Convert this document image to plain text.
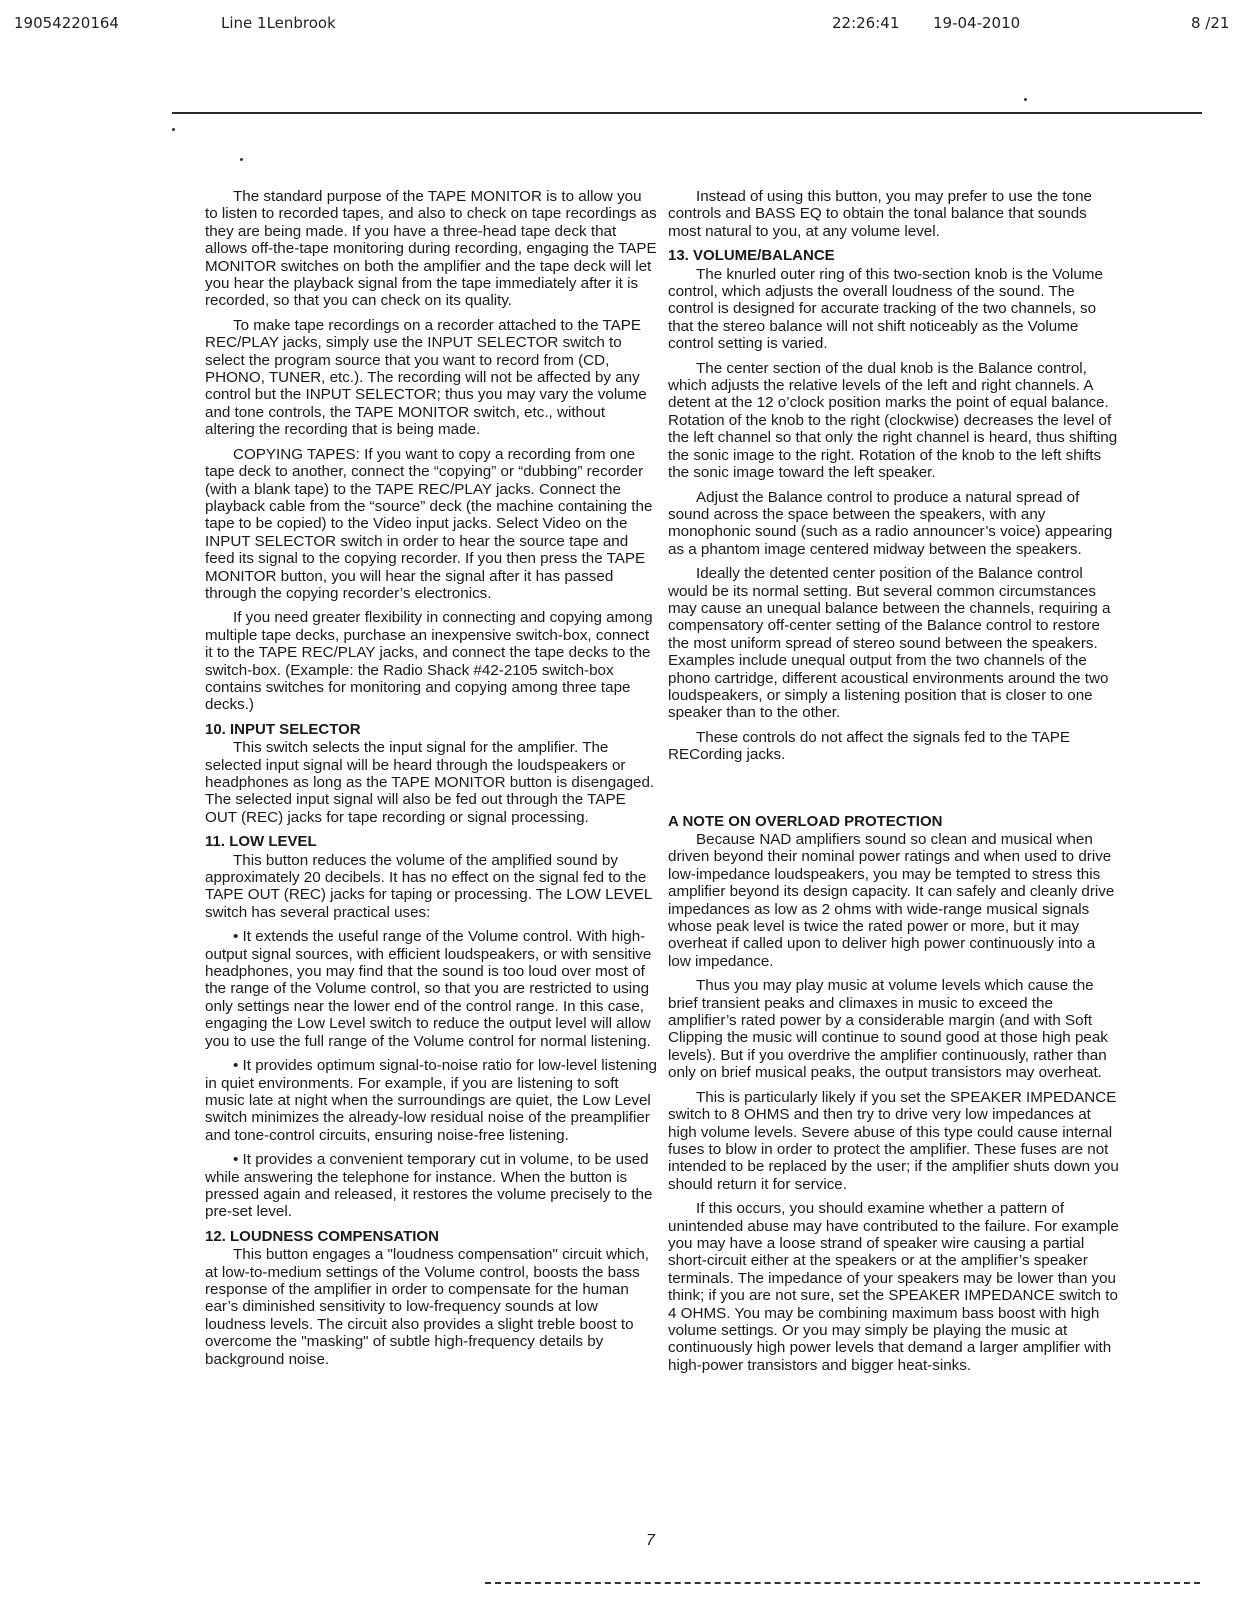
19054220164	Line 1Lenbrook	22:26:41 19-04-2010	8 /21

The standard purpose of the TAPE MONITOR is to allow you to listen to recorded tapes, and also to check on tape recordings as they are being made. If you have a three-head tape deck that allows off-the-tape monitoring during recording, engaging the TAPE MONITOR switches on both the amplifier and the tape deck will let you hear the playback signal from the tape immediately after it is recorded, so that you can check on its quality.

To make tape recordings on a recorder attached to the TAPE REC/PLAY jacks, simply use the INPUT SELECTOR switch to select the program source that you want to record from (CD, PHONO, TUNER, etc.). The recording will not be affected by any control but the INPUT SELECTOR; thus you may vary the volume and tone controls, the TAPE MONITOR switch, etc., without altering the recording that is being made.

COPYING TAPES: If you want to copy a recording from one tape deck to another, connect the “copying” or “dubbing” recorder (with a blank tape) to the TAPE REC/PLAY jacks. Connect the playback cable from the “source” deck (the machine containing the tape to be copied) to the Video input jacks. Select Video on the INPUT SELECTOR switch in order to hear the source tape and feed its signal to the copying recorder. If you then press the TAPE MONITOR button, you will hear the signal after it has passed through the copying recorder’s electronics.

If you need greater flexibility in connecting and copying among multiple tape decks, purchase an inexpensive switch-box, connect it to the TAPE REC/PLAY jacks, and connect the tape decks to the switch-box. (Example: the Radio Shack #42-2105 switch-box contains switches for monitoring and copying among three tape decks.)

10. INPUT SELECTOR

This switch selects the input signal for the amplifier. The selected input signal will be heard through the loudspeakers or headphones as long as the TAPE MONITOR button is disengaged. The selected input signal will also be fed out through the TAPE OUT (REC) jacks for tape recording or signal processing.

11. LOW LEVEL

This button reduces the volume of the amplified sound by approximately 20 decibels. It has no effect on the signal fed to the TAPE OUT (REC) jacks for taping or processing. The LOW LEVEL switch has several practical uses:

• It extends the useful range of the Volume control. With high-output signal sources, with efficient loudspeakers, or with sensitive headphones, you may find that the sound is too loud over most of the range of the Volume control, so that you are restricted to using only settings near the lower end of the control range. In this case, engaging the Low Level switch to reduce the output level will allow you to use the full range of the Volume control for normal listening.

• It provides optimum signal-to-noise ratio for low-level listening in quiet environments. For example, if you are listening to soft music late at night when the surroundings are quiet, the Low Level switch minimizes the already-low residual noise of the preamplifier and tone-control circuits, ensuring noise-free listening.

• It provides a convenient temporary cut in volume, to be used while answering the telephone for instance. When the button is pressed again and released, it restores the volume precisely to the pre-set level.

12. LOUDNESS COMPENSATION

This button engages a "loudness compensation" circuit which, at low-to-medium settings of the Volume control, boosts the bass response of the amplifier in order to compensate for the human ear’s diminished sensitivity to low-frequency sounds at low loudness levels. The circuit also provides a slight treble boost to overcome the "masking" of subtle high-frequency details by background noise.

Instead of using this button, you may prefer to use the tone controls and BASS EQ to obtain the tonal balance that sounds most natural to you, at any volume level.

13. VOLUME/BALANCE

The knurled outer ring of this two-section knob is the Volume control, which adjusts the overall loudness of the sound. The control is designed for accurate tracking of the two channels, so that the stereo balance will not shift noticeably as the Volume control setting is varied.

The center section of the dual knob is the Balance control, which adjusts the relative levels of the left and right channels. A detent at the 12 o’clock position marks the point of equal balance. Rotation of the knob to the right (clockwise) decreases the level of the left channel so that only the right channel is heard, thus shifting the sonic image to the right. Rotation of the knob to the left shifts the sonic image toward the left speaker.

Adjust the Balance control to produce a natural spread of sound across the space between the speakers, with any monophonic sound (such as a radio announcer’s voice) appearing as a phantom image centered midway between the speakers.

Ideally the detented center position of the Balance control would be its normal setting. But several common circumstances may cause an unequal balance between the channels, requiring a compensatory off-center setting of the Balance control to restore the most uniform spread of stereo sound between the speakers. Examples include unequal output from the two channels of the phono cartridge, different acoustical environments around the two loudspeakers, or simply a listening position that is closer to one speaker than to the other.

These controls do not affect the signals fed to the TAPE RECording jacks.

A NOTE ON OVERLOAD PROTECTION

Because NAD amplifiers sound so clean and musical when driven beyond their nominal power ratings and when used to drive low-impedance loudspeakers, you may be tempted to stress this amplifier beyond its design capacity. It can safely and cleanly drive impedances as low as 2 ohms with wide-range musical signals whose peak level is twice the rated power or more, but it may overheat if called upon to deliver high power continuously into a low impedance.

Thus you may play music at volume levels which cause the brief transient peaks and climaxes in music to exceed the amplifier’s rated power by a considerable margin (and with Soft Clipping the music will continue to sound good at those high peak levels). But if you overdrive the amplifier continuously, rather than only on brief musical peaks, the output transistors may overheat.

This is particularly likely if you set the SPEAKER IMPEDANCE switch to 8 OHMS and then try to drive very low impedances at high volume levels. Severe abuse of this type could cause internal fuses to blow in order to protect the amplifier. These fuses are not intended to be replaced by the user; if the amplifier shuts down you should return it for service.

If this occurs, you should examine whether a pattern of unintended abuse may have contributed to the failure. For example you may have a loose strand of speaker wire causing a partial short-circuit either at the speakers or at the amplifier’s speaker terminals. The impedance of your speakers may be lower than you think; if you are not sure, set the SPEAKER IMPEDANCE switch to 4 OHMS. You may be combining maximum bass boost with high volume settings. Or you may simply be playing the music at continuously high power levels that demand a larger amplifier with high-power transistors and bigger heat-sinks.

7
